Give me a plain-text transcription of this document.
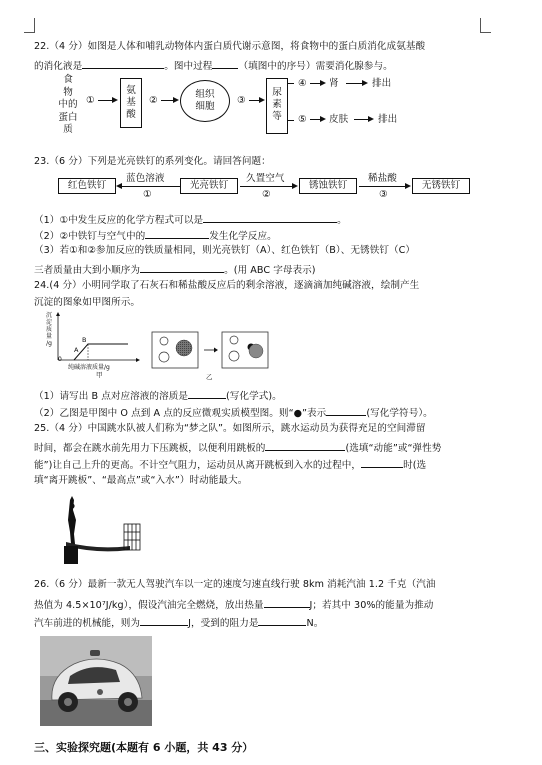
22.（4 分）如图是人体和哺乳动物体内蛋白质代谢示意图，将食物中的蛋白质消化成氨基酸
的消化液是	。图中过程	（填图中的序号）需要消化腺参与。
食
物
中的
蛋白
质
①
氨
基
酸
②
组织
细胞
③
尿
素
等
④ 肾	排出
⑤ 皮肤	排出
23.（6 分）下列是光亮铁钉的系列变化。请回答问题：
红色铁钉
蓝色溶液
①
光亮铁钉
久置空气
②
锈蚀铁钉
稀盐酸
③
无锈铁钉
（1）①中发生反应的化学方程式可以是	。
（2）②中铁钉与空气中的	发生化学反应。
（3）若①和②参加反应的铁质量相同，则光亮铁钉（A）、红色铁钉（B）、无锈铁钉（C）
三者质量由大到小顺序为	。(用 ABC 字母表示)
24.(4 分）小明同学取了石灰石和稀盐酸反应后的剩余溶液，逐滴滴加纯碱溶液，绘制产生
沉淀的图象如甲图所示。
沉
淀
质
量
/g
0
A
B
纯碱溶液质量/g
甲	乙
（1）请写出 B 点对应溶液的溶质是	(写化学式)。
（2）乙图是甲图中 O 点到 A 点的反应微观实质模型图。则“●”表示	(写化学符号）。
25.（4 分）中国跳水队被人们称为“梦之队”。如图所示，跳水运动员为获得充足的空间滞留
时间，都会在跳水前先用力下压跳板，以便利用跳板的	(选填“动能”或“弹性势
能”)让自己上升的更高。不计空气阻力，运动员从离开跳板到入水的过程中，	时(选
填“离开跳板”、“最高点”或“入水”）时动能最大。
26.（6 分）最新一款无人驾驶汽车以一定的速度匀速直线行驶 8km 消耗汽油 1.2 千克（汽油
热值为 4.5×10⁷J/kg），假设汽油完全燃烧，放出热量	J；若其中 30%的能量为推动
汽车前进的机械能，则为	J，受到的阻力是	N。
三、实验探究题(本题有 6 小题，共 43 分）
